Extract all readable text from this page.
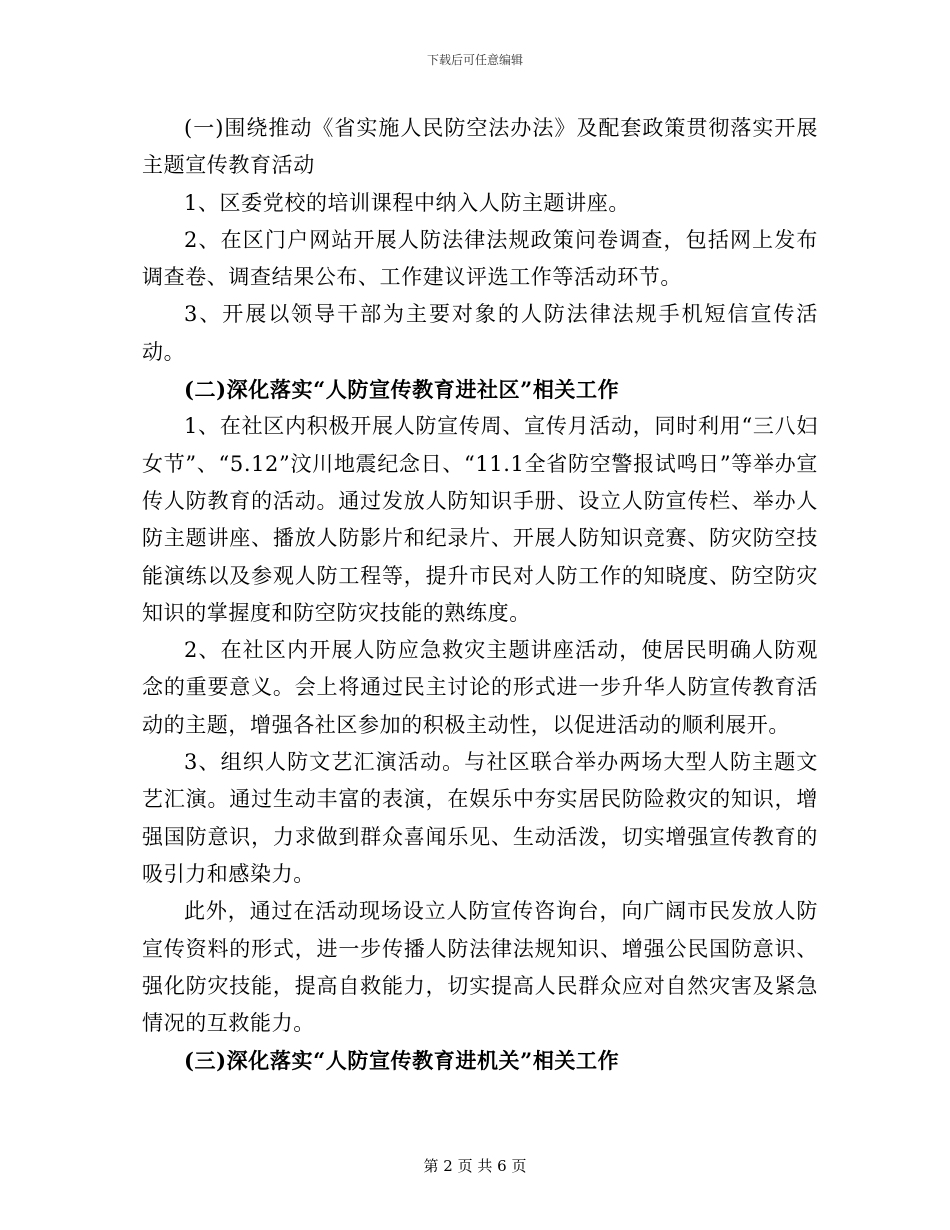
下载后可任意编辑

(一)围绕推动《省实施人民防空法办法》及配套政策贯彻落实开展主题宣传教育活动

1、区委党校的培训课程中纳入人防主题讲座。

2、在区门户网站开展人防法律法规政策问卷调查，包括网上发布调查卷、调查结果公布、工作建议评选工作等活动环节。

3、开展以领导干部为主要对象的人防法律法规手机短信宣传活动。

(二)深化落实“人防宣传教育进社区”相关工作

1、在社区内积极开展人防宣传周、宣传月活动，同时利用“三八妇女节”、“5.12”汶川地震纪念日、“11.1全省防空警报试鸣日”等举办宣传人防教育的活动。通过发放人防知识手册、设立人防宣传栏、举办人防主题讲座、播放人防影片和纪录片、开展人防知识竞赛、防灾防空技能演练以及参观人防工程等，提升市民对人防工作的知晓度、防空防灾知识的掌握度和防空防灾技能的熟练度。

2、在社区内开展人防应急救灾主题讲座活动，使居民明确人防观念的重要意义。会上将通过民主讨论的形式进一步升华人防宣传教育活动的主题，增强各社区参加的积极主动性，以促进活动的顺利展开。

3、组织人防文艺汇演活动。与社区联合举办两场大型人防主题文艺汇演。通过生动丰富的表演，在娱乐中夯实居民防险救灾的知识，增强国防意识，力求做到群众喜闻乐见、生动活泼，切实增强宣传教育的吸引力和感染力。

此外，通过在活动现场设立人防宣传咨询台，向广阔市民发放人防宣传资料的形式，进一步传播人防法律法规知识、增强公民国防意识、强化防灾技能，提高自救能力，切实提高人民群众应对自然灾害及紧急情况的互救能力。

(三)深化落实“人防宣传教育进机关”相关工作

第 2 页 共 6 页
